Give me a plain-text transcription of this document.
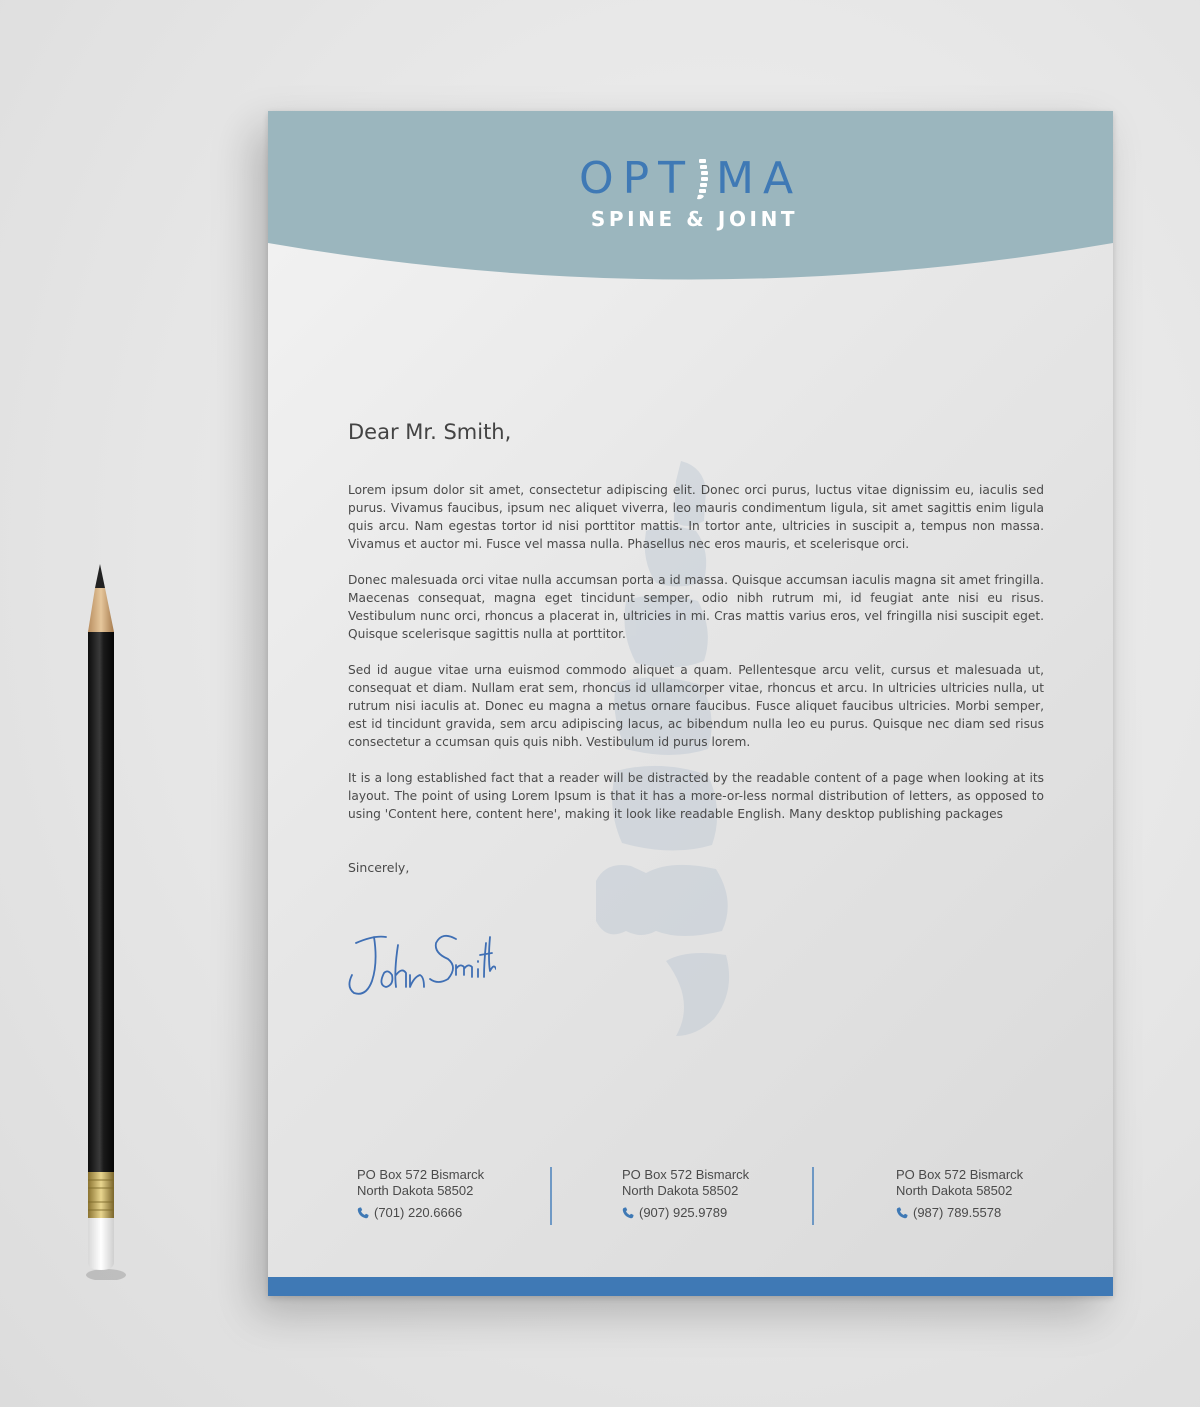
OPT MA
SPINE & JOINT
Dear Mr. Smith,

Lorem ipsum dolor sit amet, consectetur adipiscing elit. Donec orci purus, luctus vitae dignissim eu, iaculis sed purus. Vivamus faucibus, ipsum nec aliquet viverra, leo mauris condimentum ligula, sit amet sagittis enim ligula quis arcu. Nam egestas tortor id nisi porttitor mattis. In tortor ante, ultricies in suscipit a, tempus non massa. Vivamus et auctor mi. Fusce vel massa nulla. Phasellus nec eros mauris, et scelerisque orci.

Donec malesuada orci vitae nulla accumsan porta a id massa. Quisque accumsan iaculis magna sit amet fringilla. Maecenas consequat, magna eget tincidunt semper, odio nibh rutrum mi, id feugiat ante nisi eu risus. Vestibulum nunc orci, rhoncus a placerat in, ultricies in mi. Cras mattis varius eros, vel fringilla nisi suscipit eget. Quisque scelerisque sagittis nulla at porttitor.

Sed id augue vitae urna euismod commodo aliquet a quam. Pellentesque arcu velit, cursus et malesuada ut, consequat et diam. Nullam erat sem, rhoncus id ullamcorper vitae, rhoncus et arcu. In ultricies ultricies nulla, ut rutrum nisi iaculis at. Donec eu magna a metus ornare faucibus. Fusce aliquet faucibus ultricies. Morbi semper, est id tincidunt gravida, sem arcu adipiscing lacus, ac bibendum nulla leo eu purus. Quisque nec diam sed risus consectetur a ccumsan quis quis nibh. Vestibulum id purus lorem.

It is a long established fact that a reader will be distracted by the readable content of a page when looking at its layout. The point of using Lorem Ipsum is that it has a more-or-less normal distribution of letters, as opposed to using 'Content here, content here', making it look like readable English. Many desktop publishing packages

Sincerely,
PO Box 572 Bismarck
North Dakota 58502
(701) 220.6666
PO Box 572 Bismarck
North Dakota 58502
(907) 925.9789
PO Box 572 Bismarck
North Dakota 58502
(987) 789.5578
